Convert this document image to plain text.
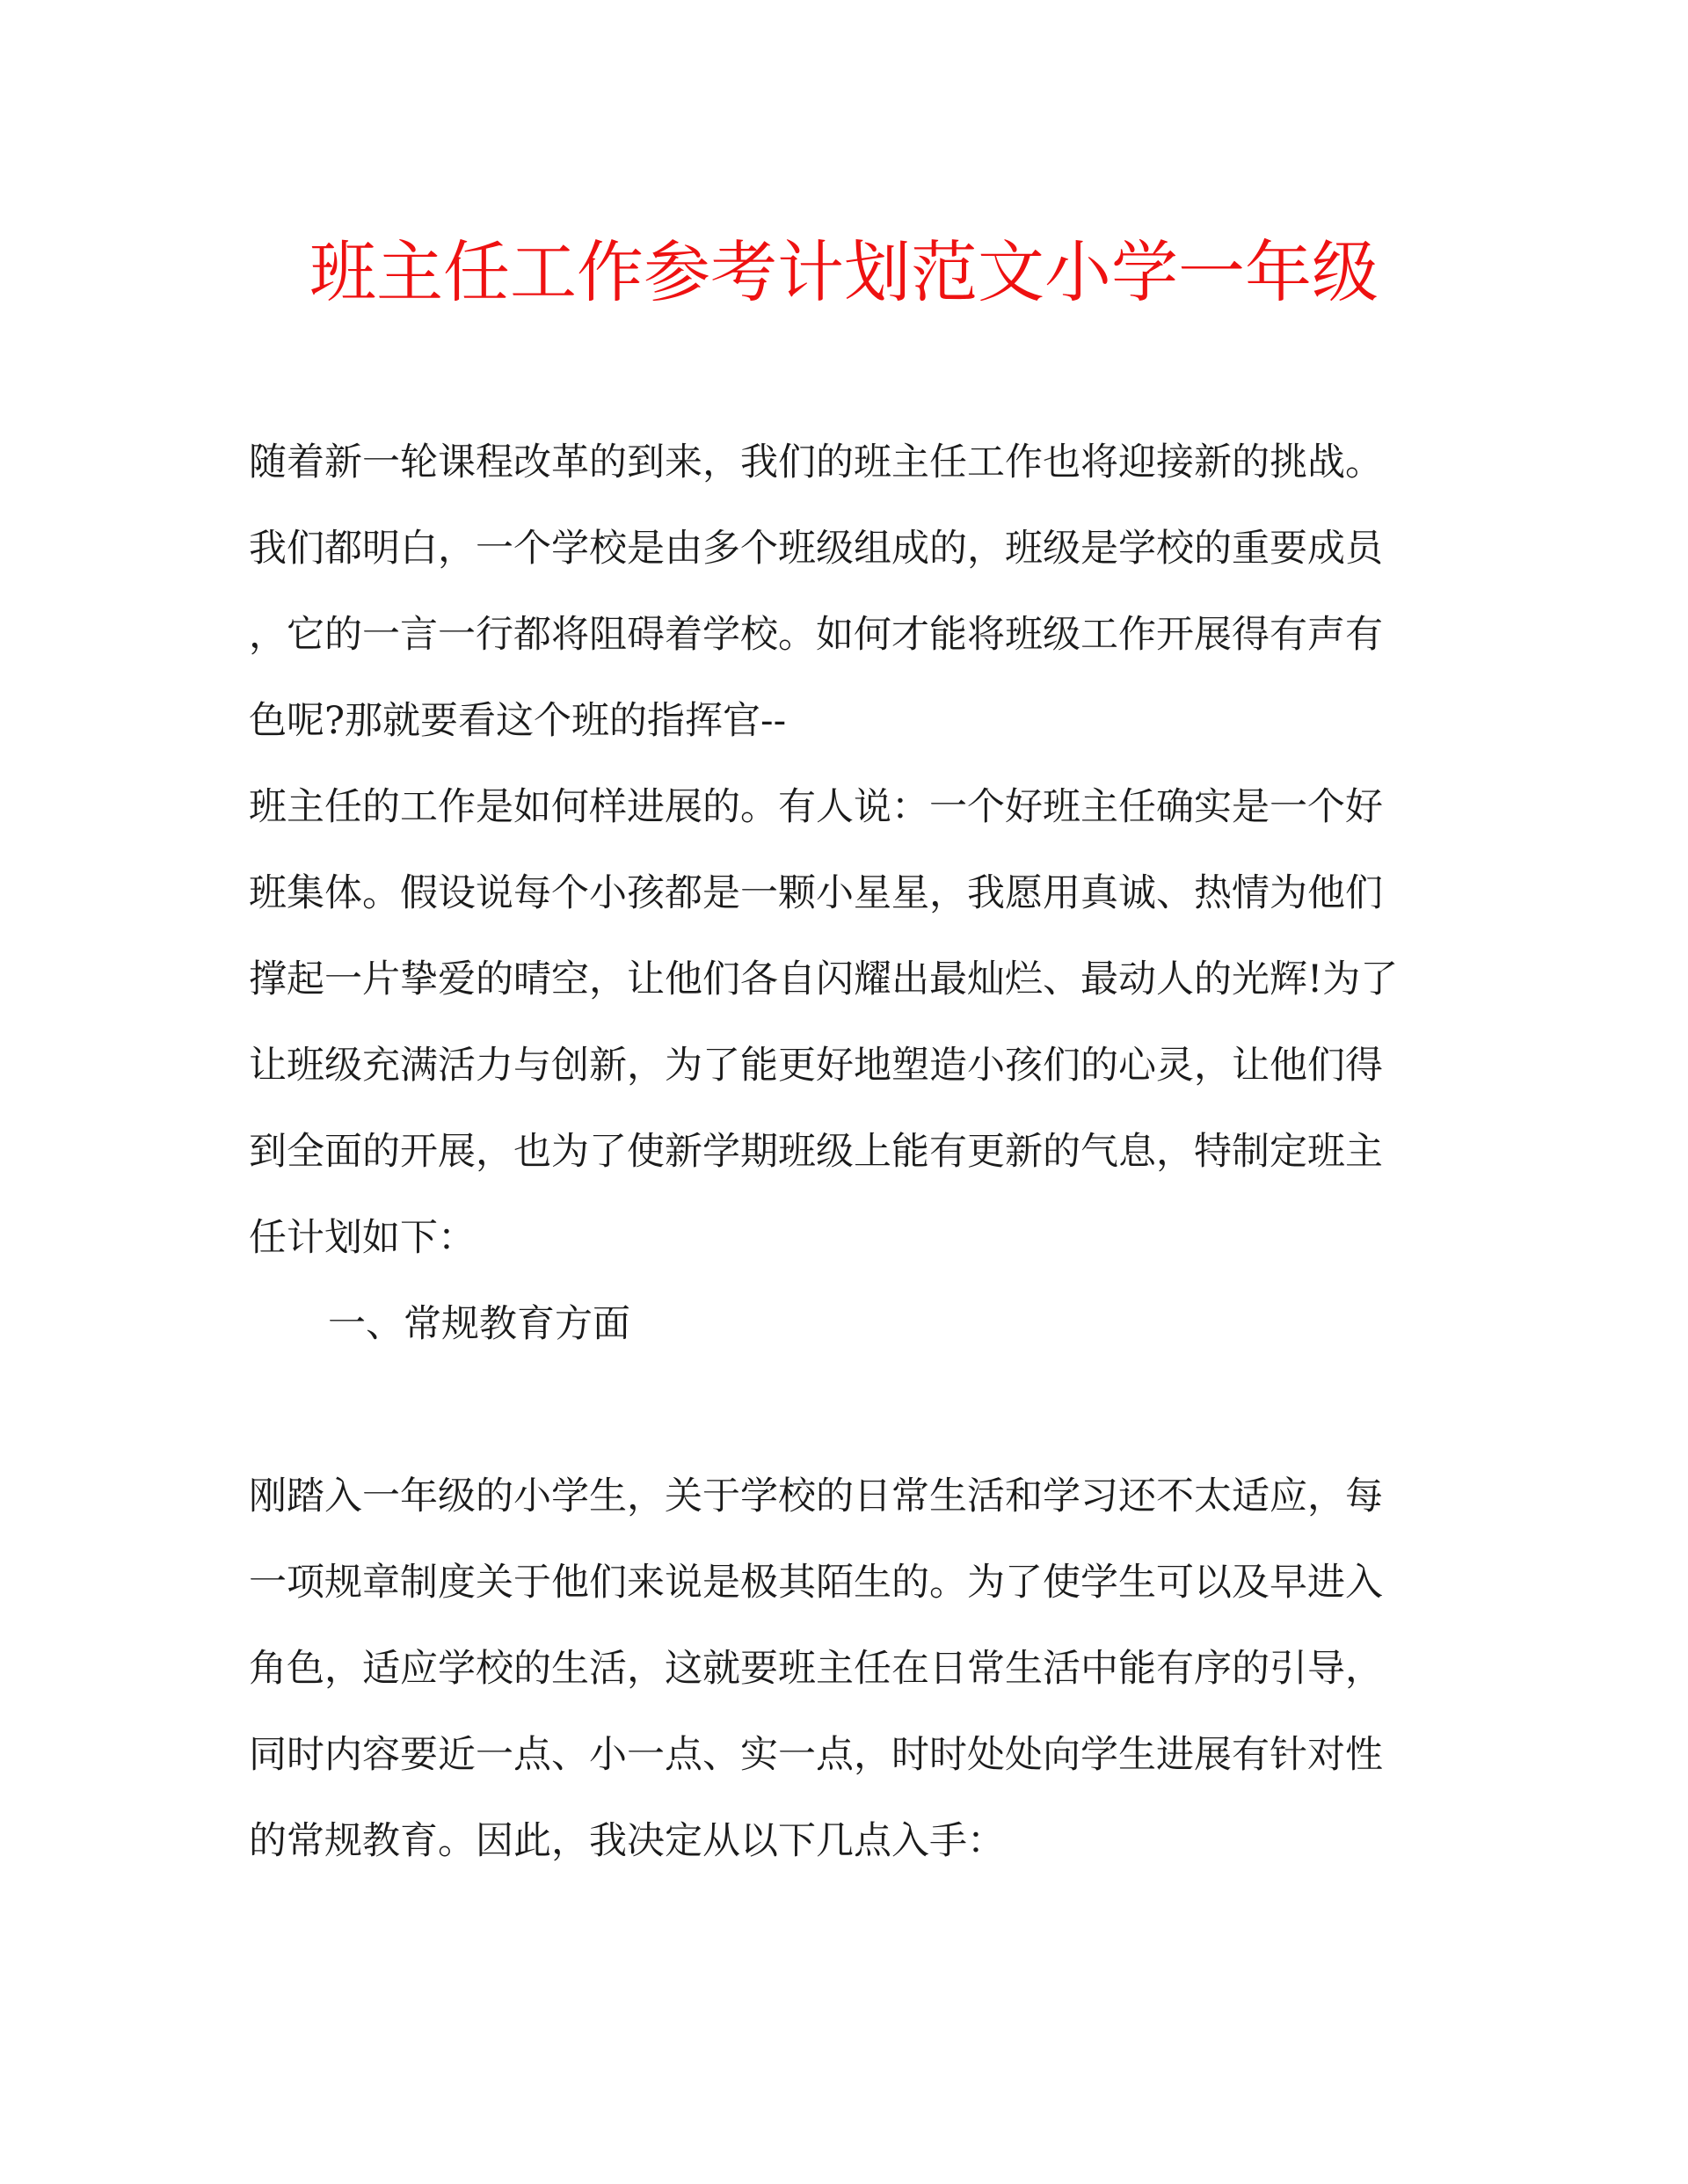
班主任工作参考计划范文小学一年级

随着新一轮课程改革的到来，我们的班主任工作也将迎接新的挑战。

我们都明白，一个学校是由多个班级组成的，班级是学校的重要成员

，它的一言一行都将阻碍着学校。如何才能将班级工作开展得有声有

色呢?那就要看这个班的指挥官--

班主任的工作是如何样进展的。有人说：一个好班主任确实是一个好

班集体。假设说每个小孩都是一颗小星星，我愿用真诚、热情为他们

撑起一片挚爱的晴空，让他们各自闪耀出最灿烂、最动人的光辉!为了

让班级充满活力与创新，为了能更好地塑造小孩们的心灵，让他们得

到全面的开展，也为了使新学期班级上能有更新的气息，特制定班主

任计划如下：

一、常规教育方面

刚踏入一年级的小学生，关于学校的日常生活和学习还不太适应，每

一项规章制度关于他们来说是极其陌生的。为了使学生可以及早进入

角色，适应学校的生活，这就要班主任在日常生活中能有序的引导，

同时内容要近一点、小一点、实一点，时时处处向学生进展有针对性

的常规教育。因此，我决定从以下几点入手：
